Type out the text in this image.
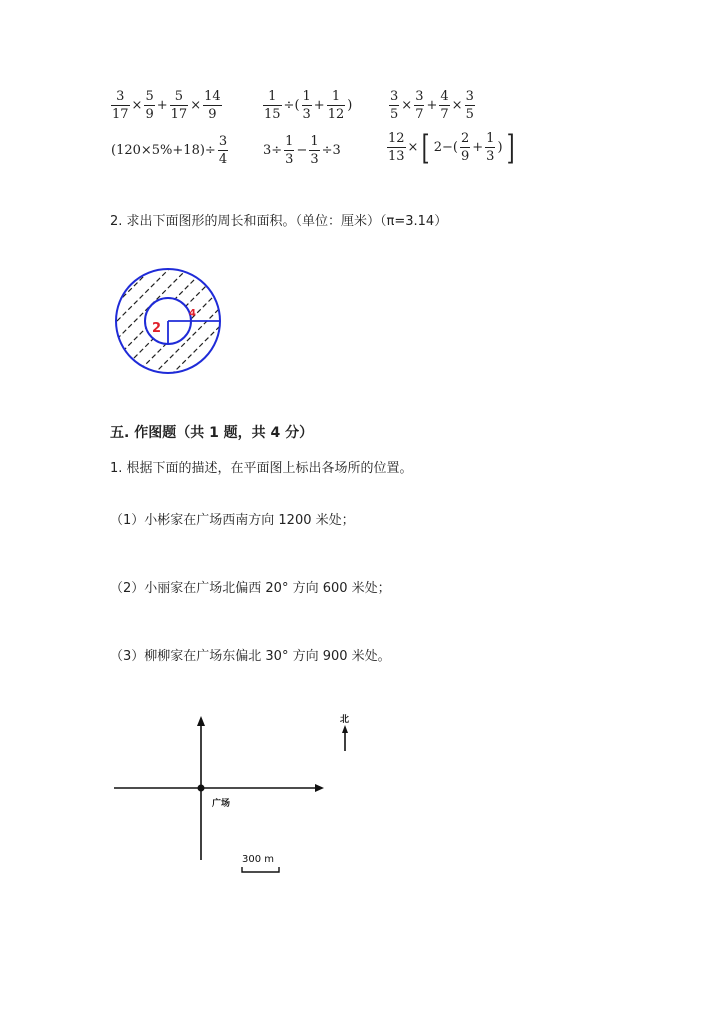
$\frac{3}{17} \times \frac{5}{9} + \frac{5}{17} \times \frac{14}{9}$	$\frac{1}{15}$ ÷( $\frac{1}{3} + \frac{1}{12}$ )	$\frac{3}{5} \times \frac{3}{7} + \frac{4}{7} \times \frac{3}{5}$
$(120\times 5\%+18)\div \frac{3}{4}$	$3\div \frac{1}{3} - \frac{1}{3} \div 3$	$\frac{12}{13}$ × [ $2-( \frac{2}{9} + \frac{1}{3}$ ) ]
2. 求出下面图形的周长和面积。（单位：厘米）（π=3.14）
2
4
五. 作图题（共 1 题，共 4 分）
1. 根据下面的描述，在平面图上标出各场所的位置。
（1）小彬家在广场西南方向 1200 米处；
（2）小丽家在广场北偏西 20° 方向 600 米处；
（3）柳柳家在广场东偏北 30° 方向 900 米处。
广场
北
300 m
